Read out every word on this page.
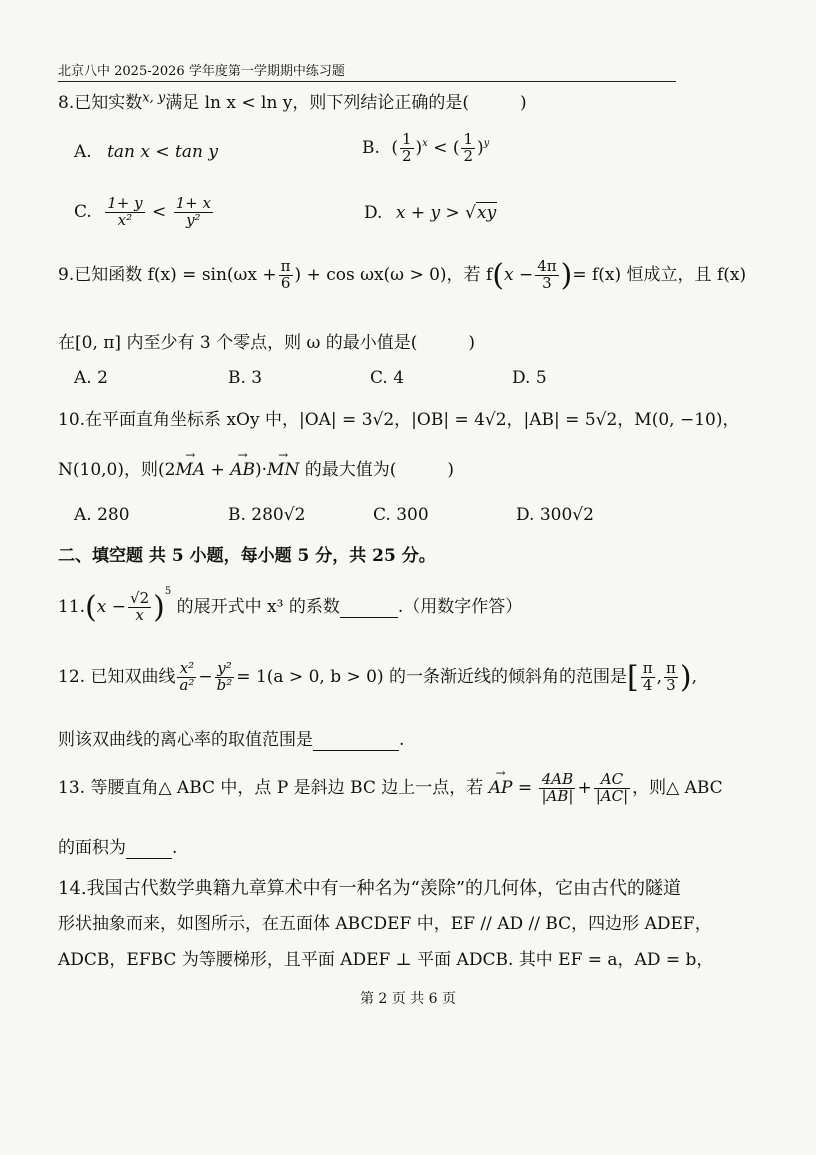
北京八中 2025-2026 学年度第一学期期中练习题
8.已知实数$^{x, y}$满足 ln x < ln y，则下列结论正确的是(　　　)
A. tan x < tan y	B. ( $\frac{1}{2} )^x$ < ( $\frac{1}{2} )^y$
C. $\frac{1+ y}{\text{x²}} < \frac{1+ x}{\text{y²}}$	D. x + y > √xy
9.已知函数 $f(x) = \sin(\omega x + \frac{\pi}{6}$ ) + cos ωx(ω > 0)，若 $f(x - \frac{4\pi}{3}$ )= f(x) 恒成立，且 f(x)
在[0, π] 内至少有 3 个零点，则 ω 的最小值是(　　　)
A. 2	B. 3	C. 4	D. 5
10.在平面直角坐标系 xOy 中，|OA| = 3√2，|OB| = 4√2，|AB| = 5√2，M(0, −10)，
N(10,0)，则(2→ MA + → AB)·→ MN 的最大值为(　　　)
A. 280	B. 280√2	C. 300	D. 300√2
二、填空题 共 5 小题，每小题 5 分，共 25 分。
$11.(x - \frac{√2}{x} )^5$ 的展开式中 x³ 的系数	.（用数字作答）
12. 已知双曲线 $\frac{\text{x²}}{\text{a²}} - \frac{\text{y²}}{\text{b²}} = 1(a > 0$, b > 0) 的一条渐近线的倾斜角的范围是[ $\frac{\pi}{4}$ , $\frac{\pi}{3}$ ),
则该双曲线的离心率的取值范围是	.
13. 等腰直角△ ABC 中，点 P 是斜边 BC 边上一点，若 → AP = $\frac{4AB}{|AB|} + \frac{AC}{|AC|}$ ，则△ ABC
的面积为	.
14.我国古代数学典籍九章算术中有一种名为“羡除”的几何体，它由古代的隧道
形状抽象而来，如图所示，在五面体 ABCDEF 中，EF // AD // BC，四边形 ADEF，
ADCB，EFBC 为等腰梯形，且平面 ADEF ⊥ 平面 ADCB. 其中 EF = a，AD = b，
第 2 页 共 6 页
